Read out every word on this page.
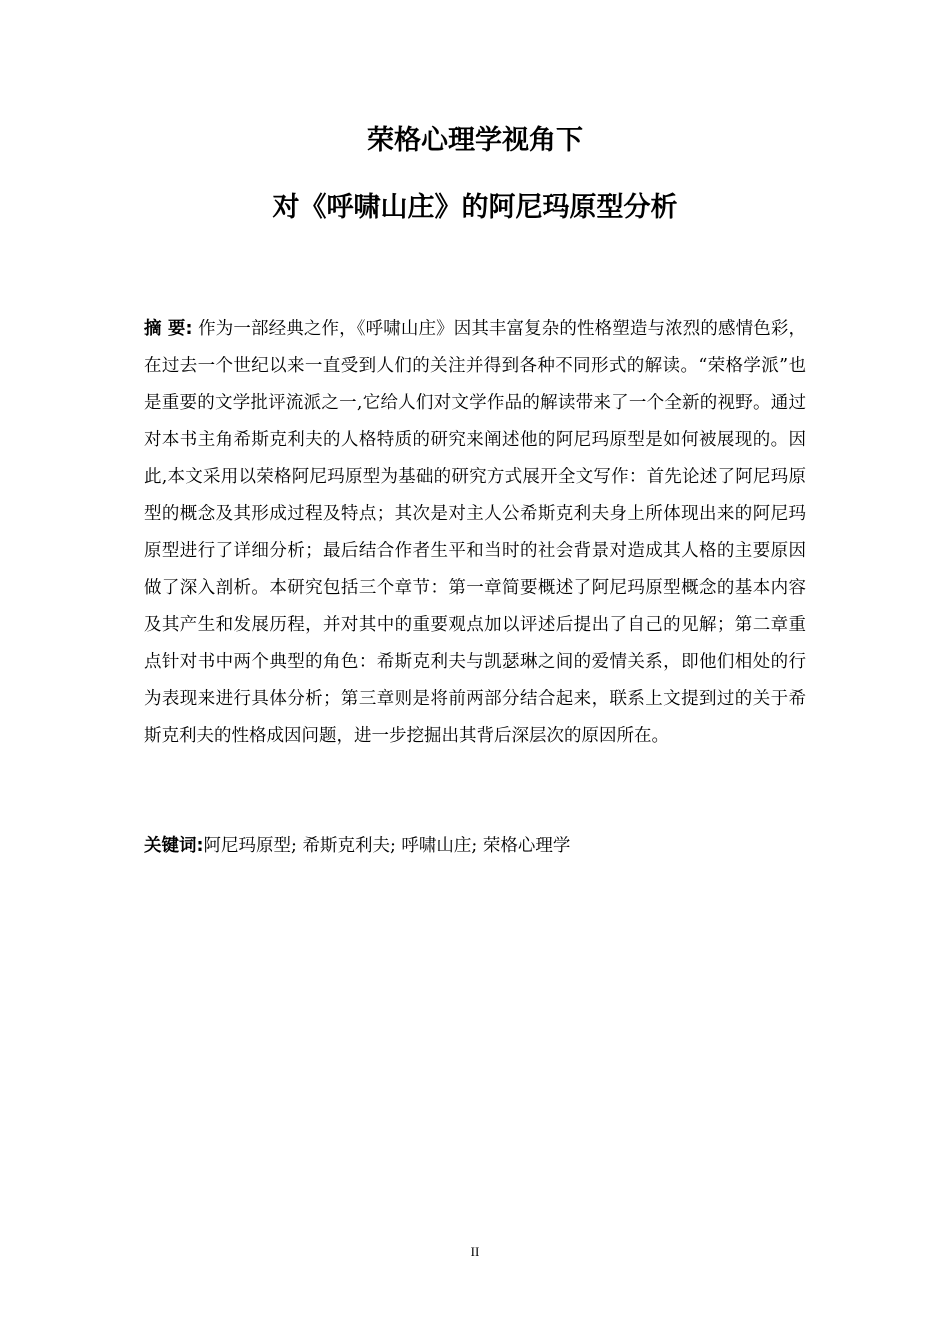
荣格心理学视角下
对《呼啸山庄》的阿尼玛原型分析

摘 要: 作为一部经典之作，《呼啸山庄》因其丰富复杂的性格塑造与浓烈的感情色彩，在过去一个世纪以来一直受到人们的关注并得到各种不同形式的解读。“荣格学派”也是重要的文学批评流派之一,它给人们对文学作品的解读带来了一个全新的视野。通过对本书主角希斯克利夫的人格特质的研究来阐述他的阿尼玛原型是如何被展现的。因此,本文采用以荣格阿尼玛原型为基础的研究方式展开全文写作：首先论述了阿尼玛原型的概念及其形成过程及特点；其次是对主人公希斯克利夫身上所体现出来的阿尼玛原型进行了详细分析；最后结合作者生平和当时的社会背景对造成其人格的主要原因做了深入剖析。本研究包括三个章节：第一章简要概述了阿尼玛原型概念的基本内容及其产生和发展历程，并对其中的重要观点加以评述后提出了自己的见解；第二章重点针对书中两个典型的角色：希斯克利夫与凯瑟琳之间的爱情关系，即他们相处的行为表现来进行具体分析；第三章则是将前两部分结合起来，联系上文提到过的关于希斯克利夫的性格成因问题，进一步挖掘出其背后深层次的原因所在。

关键词:阿尼玛原型; 希斯克利夫; 呼啸山庄; 荣格心理学

II
